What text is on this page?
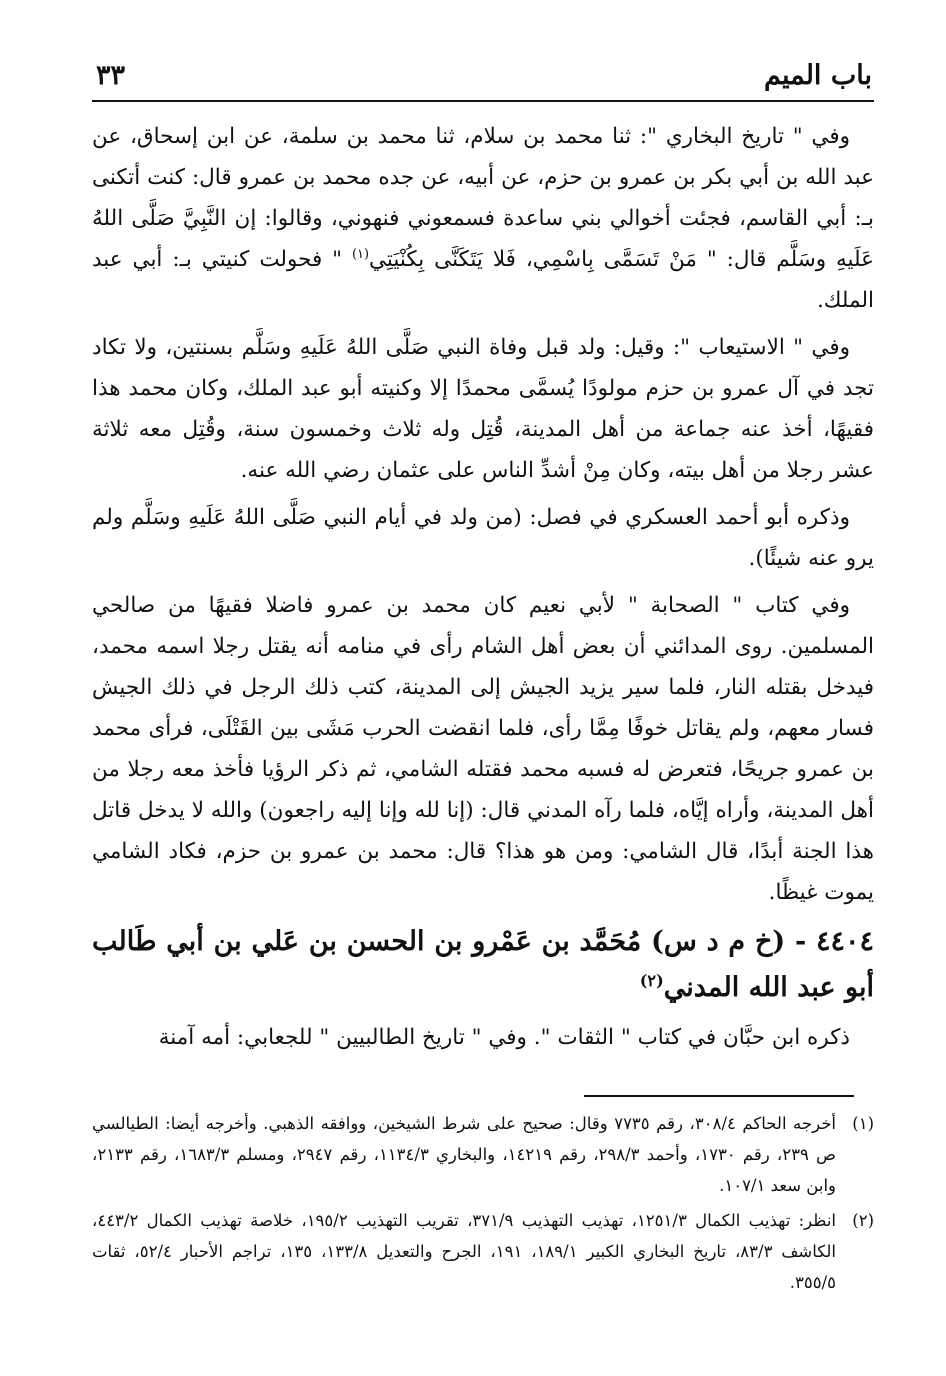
باب الميم
٣٣

وفي " تاريخ البخاري ": ثنا محمد بن سلام، ثنا محمد بن سلمة، عن ابن إسحاق، عن عبد الله بن أبي بكر بن عمرو بن حزم، عن أبيه، عن جده محمد بن عمرو قال: كنت أتكنى بـ: أبي القاسم، فجئت أخوالي بني ساعدة فسمعوني فنهوني، وقالوا: إن النَّبِيَّ صَلَّى اللهُ عَلَيهِ وسَلَّم قال: " مَنْ تَسَمَّى بِاسْمِي، فَلا يَتَكَنَّى بِكُنْيَتِي$^{(١)}$ " فحولت كنيتي بـ: أبي عبد الملك.

وفي " الاستيعاب ": وقيل: ولد قبل وفاة النبي صَلَّى اللهُ عَلَيهِ وسَلَّم بسنتين، ولا تكاد تجد في آل عمرو بن حزم مولودًا يُسمَّى محمدًا إلا وكنيته أبو عبد الملك، وكان محمد هذا فقيهًا، أخذ عنه جماعة من أهل المدينة، قُتِل وله ثلاث وخمسون سنة، وقُتِل معه ثلاثة عشر رجلا من أهل بيته، وكان مِنْ أشدِّ الناس على عثمان رضي الله عنه.

وذكره أبو أحمد العسكري في فصل: (من ولد في أيام النبي صَلَّى اللهُ عَلَيهِ وسَلَّم ولم يرو عنه شيئًا).

وفي كتاب " الصحابة " لأبي نعيم كان محمد بن عمرو فاضلا فقيهًا من صالحي المسلمين. روى المدائني أن بعض أهل الشام رأى في منامه أنه يقتل رجلا اسمه محمد، فيدخل بقتله النار، فلما سير يزيد الجيش إلى المدينة، كتب ذلك الرجل في ذلك الجيش فسار معهم، ولم يقاتل خوفًا مِمَّا رأى، فلما انقضت الحرب مَشَى بين القَتْلَى، فرأى محمد بن عمرو جريحًا، فتعرض له فسبه محمد فقتله الشامي، ثم ذكر الرؤيا فأخذ معه رجلا من أهل المدينة، وأراه إيَّاه، فلما رآه المدني قال: (إنا لله وإنا إليه راجعون) والله لا يدخل قاتل هذا الجنة أبدًا، قال الشامي: ومن هو هذا؟ قال: محمد بن عمرو بن حزم، فكاد الشامي يموت غيظًا.

٤٤٠٤ - (خ م د س) مُحَمَّد بن عَمْرو بن الحسن بن عَلي بن أبي طَالب أبو عبد الله المدني$^{(٢)}$

ذكره ابن حبَّان في كتاب " الثقات ". وفي " تاريخ الطالبيين " للجعابي: أمه آمنة

(١)
أخرجه الحاكم ٣٠٨/٤، رقم ٧٧٣٥ وقال: صحيح على شرط الشيخين، ووافقه الذهبي. وأخرجه أيضا: الطيالسي ص ٢٣٩، رقم ١٧٣٠، وأحمد ٢٩٨/٣، رقم ١٤٢١٩، والبخاري ١١٣٤/٣، رقم ٢٩٤٧، ومسلم ١٦٨٣/٣، رقم ٢١٣٣، وابن سعد ١٠٧/١.
(٢)
انظر: تهذيب الكمال ١٢٥١/٣، تهذيب التهذيب ٣٧١/٩، تقريب التهذيب ١٩٥/٢، خلاصة تهذيب الكمال ٤٤٣/٢، الكاشف ٨٣/٣، تاريخ البخاري الكبير ١٨٩/١، ١٩١، الجرح والتعديل ١٣٣/٨، ١٣٥، تراجم الأحبار ٥٢/٤، ثقات ٣٥٥/٥.
